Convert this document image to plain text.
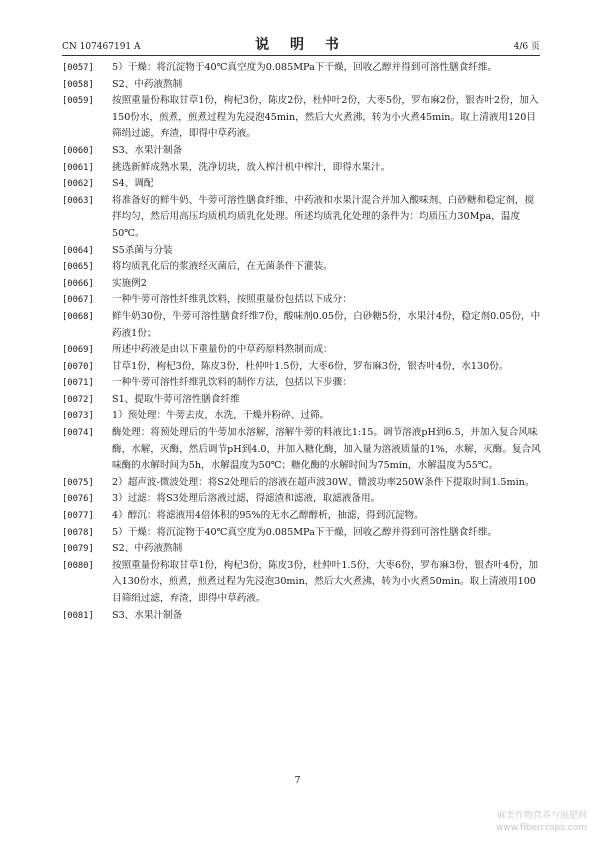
CN 107467191 A	说 明 书	4/6 页
[0057] 5）干燥：将沉淀物于40℃真空度为0.085MPa下干燥，回收乙醇并得到可溶性膳食纤维。
[0058] S2、中药液熬制
[0059] 按照重量份称取甘草1份，枸杞3份，陈皮2份，杜仲叶2份，大枣5份，罗布麻2份，银杏叶2份，加入150份水，煎煮，煎煮过程为先浸泡45min，然后大火煮沸，转为小火煮45min。取上清液用120目筛绢过滤，弃渣，即得中草药液。
[0060] S3、水果汁制备
[0061] 挑选新鲜成熟水果，洗净切块，放入榨汁机中榨汁，即得水果汁。
[0062] S4、调配
[0063] 将准备好的鲜牛奶、牛蒡可溶性膳食纤维、中药液和水果汁混合并加入酸味剂、白砂糖和稳定剂，搅拌均匀，然后用高压均质机均质乳化处理。所述均质乳化处理的条件为：均质压力30Mpa，温度50℃。
[0064] S5杀菌与分装
[0065] 将均质乳化后的浆液经灭菌后，在无菌条件下灌装。
[0066] 实施例2
[0067] 一种牛蒡可溶性纤维乳饮料，按照重量份包括以下成分：
[0068] 鲜牛奶30份，牛蒡可溶性膳食纤维7份，酸味剂0.05份，白砂糖5份，水果汁4份，稳定剂0.05份，中药液1份；
[0069] 所述中药液是由以下重量份的中草药原料熬制而成：
[0070] 甘草1份，枸杞3份，陈皮3份，杜仲叶1.5份，大枣6份，罗布麻3份，银杏叶4份，水130份。
[0071] 一种牛蒡可溶性纤维乳饮料的制作方法，包括以下步骤：
[0072] S1、提取牛蒡可溶性膳食纤维
[0073] 1）预处理：牛蒡去皮，水洗，干燥并粉碎、过筛。
[0074] 酶处理：将预处理后的牛蒡加水溶解，溶解牛蒡的料液比1:15。调节溶液pH到6.5，并加入复合风味酶，水解，灭酶，然后调节pH到4.0，并加入糖化酶，加入量为溶液质量的1%，水解，灭酶。复合风味酶的水解时间为5h，水解温度为50℃；糖化酶的水解时间为75min，水解温度为55℃。
[0075] 2）超声波-微波处理：将S2处理后的溶液在超声波30W、微波功率250W条件下提取时间1.5min。
[0076] 3）过滤：将S3处理后溶液过滤，得滤渣和滤液，取滤液备用。
[0077] 4）醇沉：将滤液用4倍体积的95%的无水乙醇醇析，抽滤，得到沉淀物。
[0078] 5）干燥：将沉淀物于40℃真空度为0.085MPa下干燥，回收乙醇并得到可溶性膳食纤维。
[0079] S2、中药液熬制
[0080] 按照重量份称取甘草1份，枸杞3份，陈皮3份，杜仲叶1.5份，大枣6份，罗布麻3份，银杏叶4份，加入130份水，煎煮，煎煮过程为先浸泡30min，然后大火煮沸，转为小火煮50min。取上清液用100目筛绢过滤，弃渣，即得中草药液。
[0081] S3、水果汁制备
7
麻类作物营养与施肥网
www.fibercrops.com
